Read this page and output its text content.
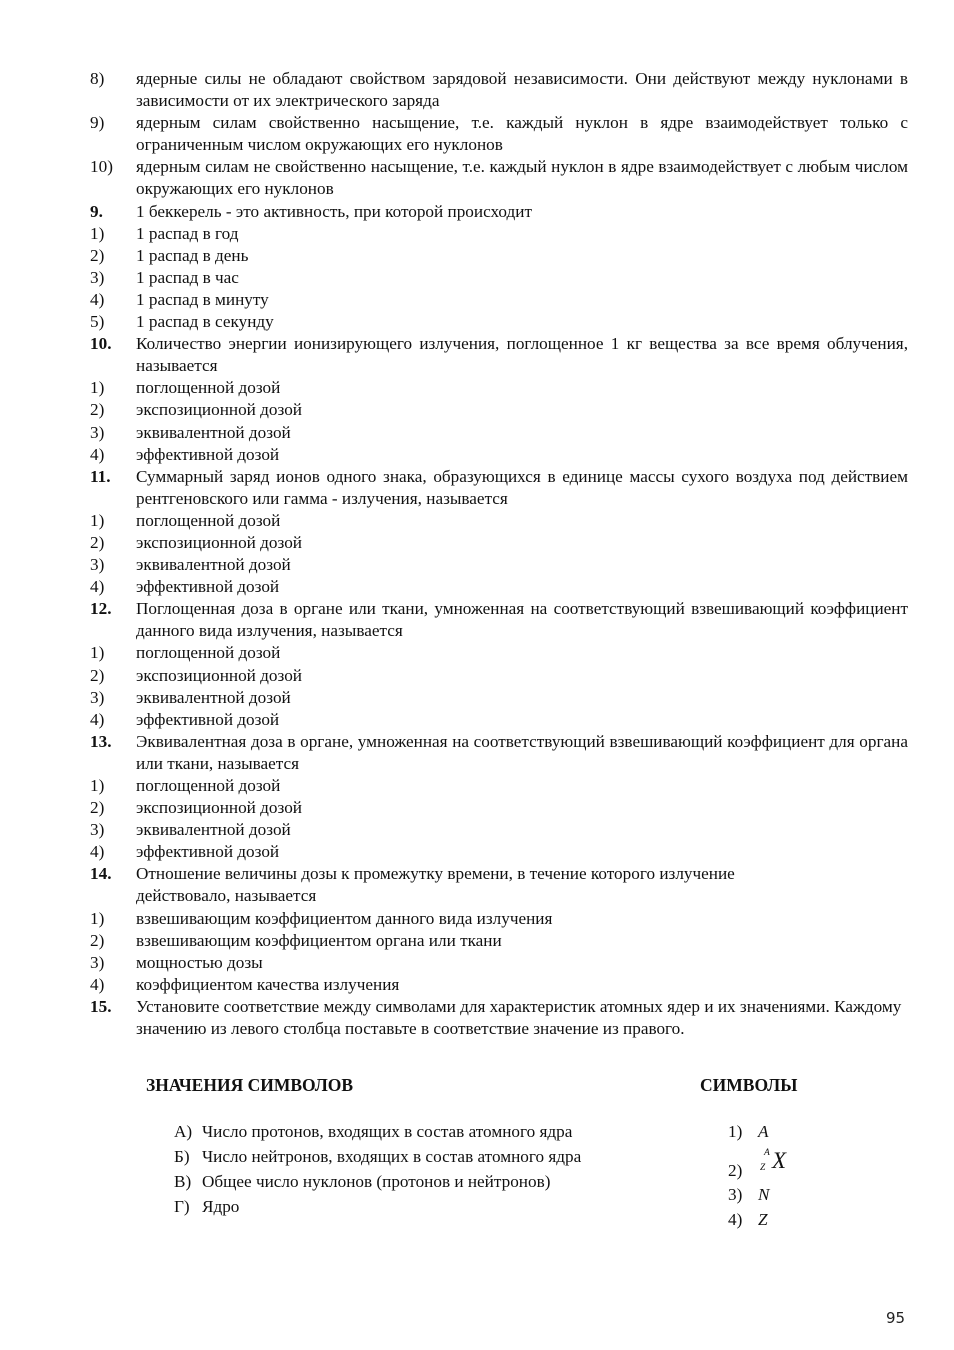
8) ядерные силы не обладают свойством зарядовой независимости. Они действуют между нуклонами в зависимости от их электрического заряда
9) ядерным силам свойственно насыщение, т.е. каждый нуклон в ядре взаимодействует только с ограниченным числом окружающих его нуклонов
10) ядерным силам не свойственно насыщение, т.е. каждый нуклон в ядре взаимодействует с любым числом окружающих его нуклонов
9. 1 беккерель - это активность, при которой происходит
1) 1 распад в год
2) 1 распад в день
3) 1 распад в час
4) 1 распад в минуту
5) 1 распад в секунду
10. Количество энергии ионизирующего излучения, поглощенное 1 кг вещества за все время облучения, называется
1) поглощенной дозой
2) экспозиционной дозой
3) эквивалентной дозой
4) эффективной дозой
11. Суммарный заряд ионов одного знака, образующихся в единице массы сухого воздуха под действием рентгеновского или гамма - излучения, называется
1) поглощенной дозой
2) экспозиционной дозой
3) эквивалентной дозой
4) эффективной дозой
12. Поглощенная доза в органе или ткани, умноженная на соответствующий взвешивающий коэффициент данного вида излучения, называется
1) поглощенной дозой
2) экспозиционной дозой
3) эквивалентной дозой
4) эффективной дозой
13. Эквивалентная доза в органе, умноженная на соответствующий взвешивающий коэффициент для органа или ткани, называется
1) поглощенной дозой
2) экспозиционной дозой
3) эквивалентной дозой
4) эффективной дозой
14. Отношение величины дозы к промежутку времени, в течение которого излучение действовало, называется
1) взвешивающим коэффициентом данного вида излучения
2) взвешивающим коэффициентом органа или ткани
3) мощностью дозы
4) коэффициентом качества излучения
15. Установите соответствие между символами для характеристик атомных ядер и их значениями. Каждому значению из левого столбца поставьте в соответствие значение из правого.
ЗНАЧЕНИЯ СИМВОЛОВ	СИМВОЛЫ
А) Число протонов, входящих в состав атомного ядра
Б) Число нейтронов, входящих в состав атомного ядра
В) Общее число нуклонов (протонов и нейтронов)
Г) Ядро
1) A
2)
A
Z X
3) N
4) Z
95
